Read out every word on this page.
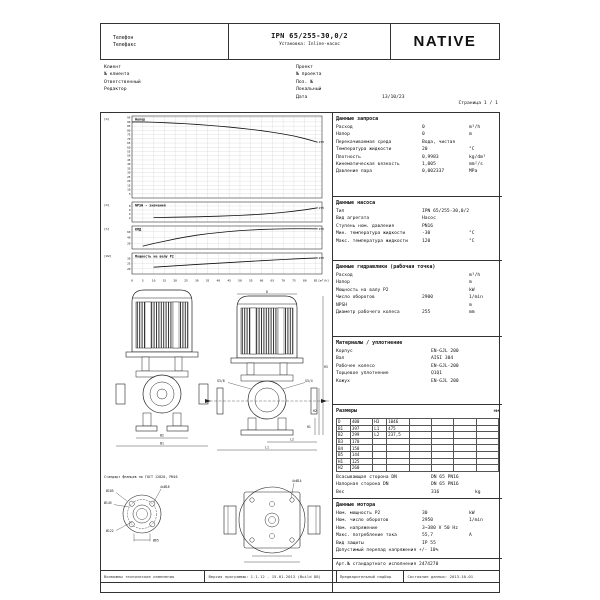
Телефон
Телефакс
IPN 65/255-30,0/2
Установка: Inline-насос	NATIVE
Клиент
№ клиента
Ответственный
Редактор
Проект
№ проекта
Поз. №
Локальный
Дата	13/10/23
Страница 1 / 1
5
10
15
20
25
30
35
40
45
50
55
60
65
70
75
80
85
90
95
[m]	Напор
255
2
4
6
8
[m]	NPSH - значения
255
20
40
60
[%]	КПД	255
20
25
30
[kW]	Мощность на валу P2	255
0	5	10 15 20 25 30 35 40 45 50 55 60 65 70 75 80 85 [m³/h]
B2
B1
D
G3/8	G3/4
H3
H2
H1
L2
L1
Стандарт фланцев по ГОСТ 12820, PN16
Ø185
Ø145
Ø122
4xØ18
Ø65
4xØ14
Данные запроса
Расход	0	m³/h
Напор	0	m
Перекачиваемая среда	Вода, чистая
Температура жидкости	20	°C
Плотность	0,9983	kg/dm³
Кинематическая вязкость	1,005	mm²/s
Давление пара	0,002337	MPa
Данные насоса
Тип	IPN 65/255-30,0/2
Вид агрегата	Насос
Ступень ном. давления	PN16
Мин. температура жидкости	-30	°C
Макс. температура жидкости	120	°C
Данные гидравлики (рабочая точка)
Расход	m³/h
Напор	m
Мощность на валу P2	kW
Число оборотов	2900	1/min
NPSH	m
Диаметр рабочего колеса	255	mm
Материалы / уплотнение
Корпус	EN-GJL 200
Вал	AISI 304
Рабочее колесо	EN-GJL-200
Торцевое уплотнение	Q1Q1
Кожух	EN-GJL 200
Размеры	мм
D	400	H3	1046				
B1	397	L1	475				
B2	299	L2	237,5				
B3	170						
B4	158						
B5	144						
H1	125						
H2	260						
Всасывающая сторона DN	DN 65 PN16
Напорная сторона DN	DN 65 PN16
Вес	316	kg
Данные мотора
Ном. мощность P2	30	kW
Ном. число оборотов	2950	1/min
Ном. напряжение	3~380 V 50 Hz
Макс. потребление тока	55,7	A
Вид защиты	IP 55
Допустимый перепад напряжения +/- 10%
Арт.№ стандартного исполнения 2474270
Возможны технические изменения	Версия программы: 1.1.12 - 15.01.2013 (Build 88)	Предварительный подбор	Состояние данных: 2013-10-01
